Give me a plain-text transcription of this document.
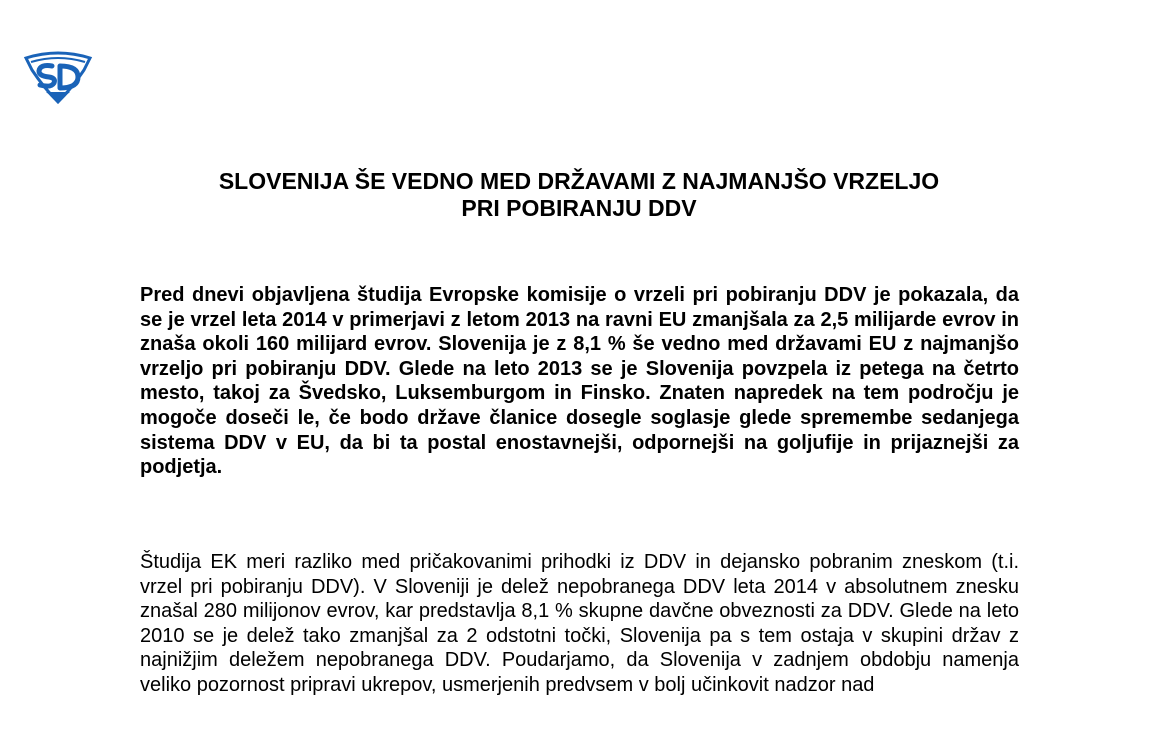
SLOVENIJA ŠE VEDNO MED DRŽAVAMI Z NAJMANJŠO VRZELJO
PRI POBIRANJU DDV

Pred dnevi objavljena študija Evropske komisije o vrzeli pri pobiranju DDV je pokazala, da se je vrzel leta 2014 v primerjavi z letom 2013 na ravni EU zmanjšala za 2,5 milijarde evrov in znaša okoli 160 milijard evrov. Slovenija je z 8,1 % še vedno med državami EU z najmanjšo vrzeljo pri pobiranju DDV. Glede na leto 2013 se je Slovenija povzpela iz petega na četrto mesto, takoj za Švedsko, Luksemburgom in Finsko. Znaten napredek na tem področju je mogoče doseči le, če bodo države članice dosegle soglasje glede spremembe sedanjega sistema DDV v EU, da bi ta postal enostavnejši, odpornejši na goljufije in prijaznejši za podjetja.

Študija EK meri razliko med pričakovanimi prihodki iz DDV in dejansko pobranim zneskom (t.i. vrzel pri pobiranju DDV). V Sloveniji je delež nepobranega DDV leta 2014 v absolutnem znesku znašal 280 milijonov evrov, kar predstavlja 8,1 % skupne davčne obveznosti za DDV. Glede na leto 2010 se je delež tako zmanjšal za 2 odstotni točki, Slovenija pa s tem ostaja v skupini držav z najnižjim deležem nepobranega DDV. Poudarjamo, da Slovenija v zadnjem obdobju namenja veliko pozornost pripravi ukrepov, usmerjenih predvsem v bolj učinkovit nadzor nad
